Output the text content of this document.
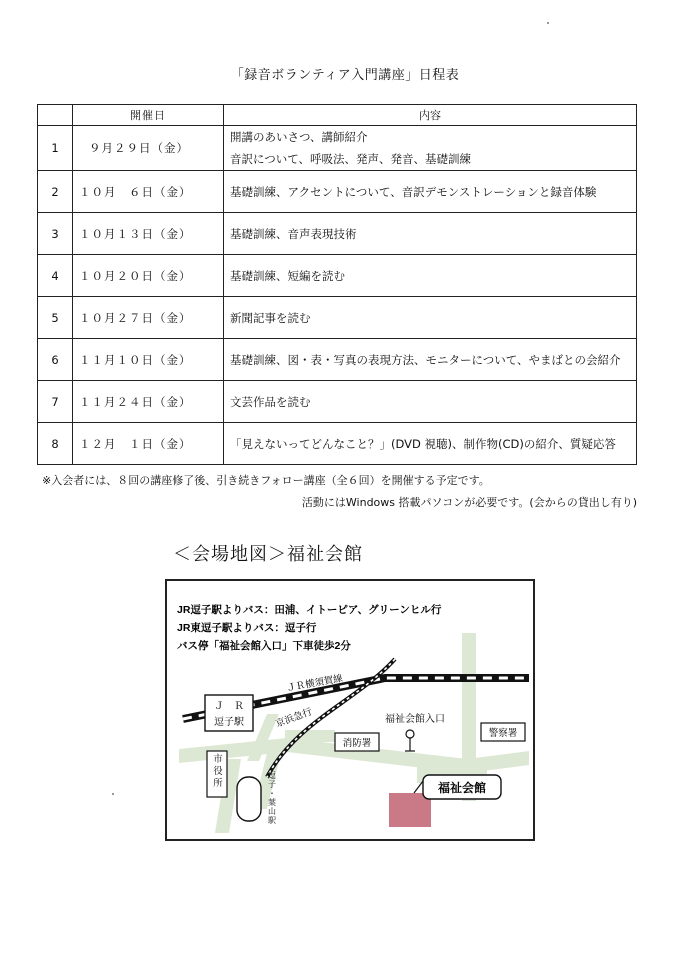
「録音ボランティア入門講座」日程表
	開催日	内容
1	９月２９日（金）	開講のあいさつ、講師紹介
音訳について、呼吸法、発声、発音、基礎訓練

2	１０月　６日（金）	基礎訓練、アクセントについて、音訳デモンストレーションと録音体験
3	１０月１３日（金）	基礎訓練、音声表現技術
4	１０月２０日（金）	基礎訓練、短編を読む
5	１０月２７日（金）	新聞記事を読む
6	１１月１０日（金）	基礎訓練、図・表・写真の表現方法、モニターについて、やまばとの会紹介
7	１１月２４日（金）	文芸作品を読む
8	１２月　１日（金）	「見えないってどんなこと？」(DVD 視聴)、制作物(CD)の紹介、質疑応答
※入会者には、８回の講座修了後、引き続きフォロー講座（全６回）を開催する予定です。
活動にはWindows 搭載パソコンが必要です。(会からの貸出し有り)
＜会場地図＞福祉会館
Ｊ　Ｒ
逗子駅
消防署
警察署
福祉会館入口
福祉会館
ＪＲ横須賀線
京浜急行
JR逗子駅よりバス：田浦、イトーピア、グリーンヒル行
JR東逗子駅よりバス：逗子行
バス停「福祉会館入口」下車徒歩2分
市
役
所
逗
子
・
葉
山
駅
